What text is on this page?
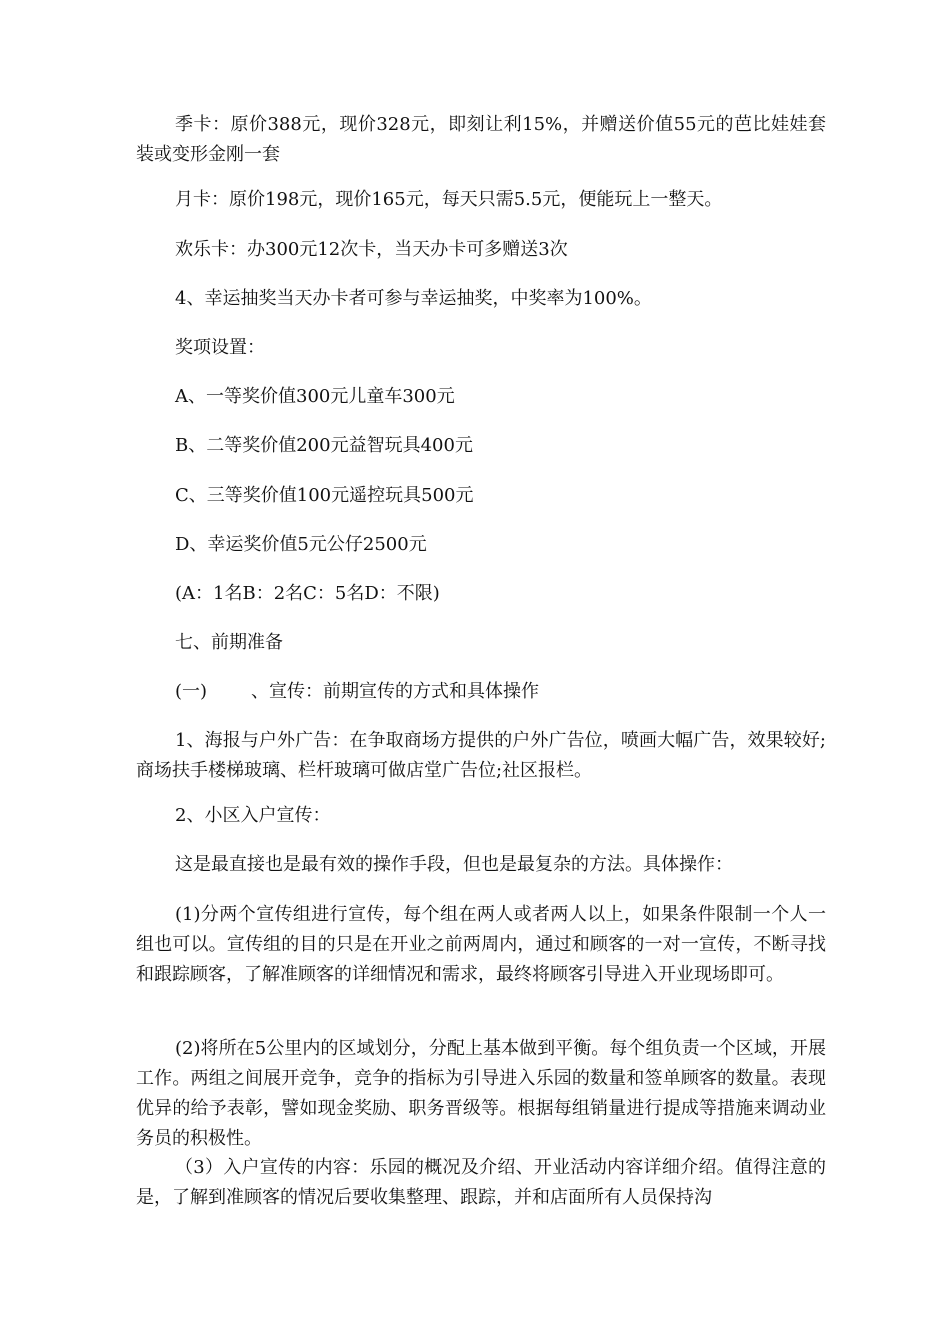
季卡：原价388元，现价328元，即刻让利15%，并赠送价值55元的芭比娃娃套装或变形金刚一套

月卡：原价198元，现价165元，每天只需5.5元，便能玩上一整天。

欢乐卡：办300元12次卡，当天办卡可多赠送3次

4、幸运抽奖当天办卡者可参与幸运抽奖，中奖率为100%。

奖项设置：

A、一等奖价值300元儿童车300元

B、二等奖价值200元益智玩具400元

C、三等奖价值100元遥控玩具500元

D、幸运奖价值5元公仔2500元

(A：1名B：2名C：5名D：不限)

七、前期准备

(一) 、宣传：前期宣传的方式和具体操作

1、海报与户外广告：在争取商场方提供的户外广告位，喷画大幅广告，效果较好;商场扶手楼梯玻璃、栏杆玻璃可做店堂广告位;社区报栏。

2、小区入户宣传：

这是最直接也是最有效的操作手段，但也是最复杂的方法。具体操作：

(1)分两个宣传组进行宣传，每个组在两人或者两人以上，如果条件限制一个人一组也可以。宣传组的目的只是在开业之前两周内，通过和顾客的一对一宣传，不断寻找和跟踪顾客，了解准顾客的详细情况和需求，最终将顾客引导进入开业现场即可。

(2)将所在5公里内的区域划分，分配上基本做到平衡。每个组负责一个区域，开展工作。两组之间展开竞争，竞争的指标为引导进入乐园的数量和签单顾客的数量。表现优异的给予表彰，譬如现金奖励、职务晋级等。根据每组销量进行提成等措施来调动业务员的积极性。

（3）入户宣传的内容：乐园的概况及介绍、开业活动内容详细介绍。值得注意的是，了解到准顾客的情况后要收集整理、跟踪，并和店面所有人员保持沟
